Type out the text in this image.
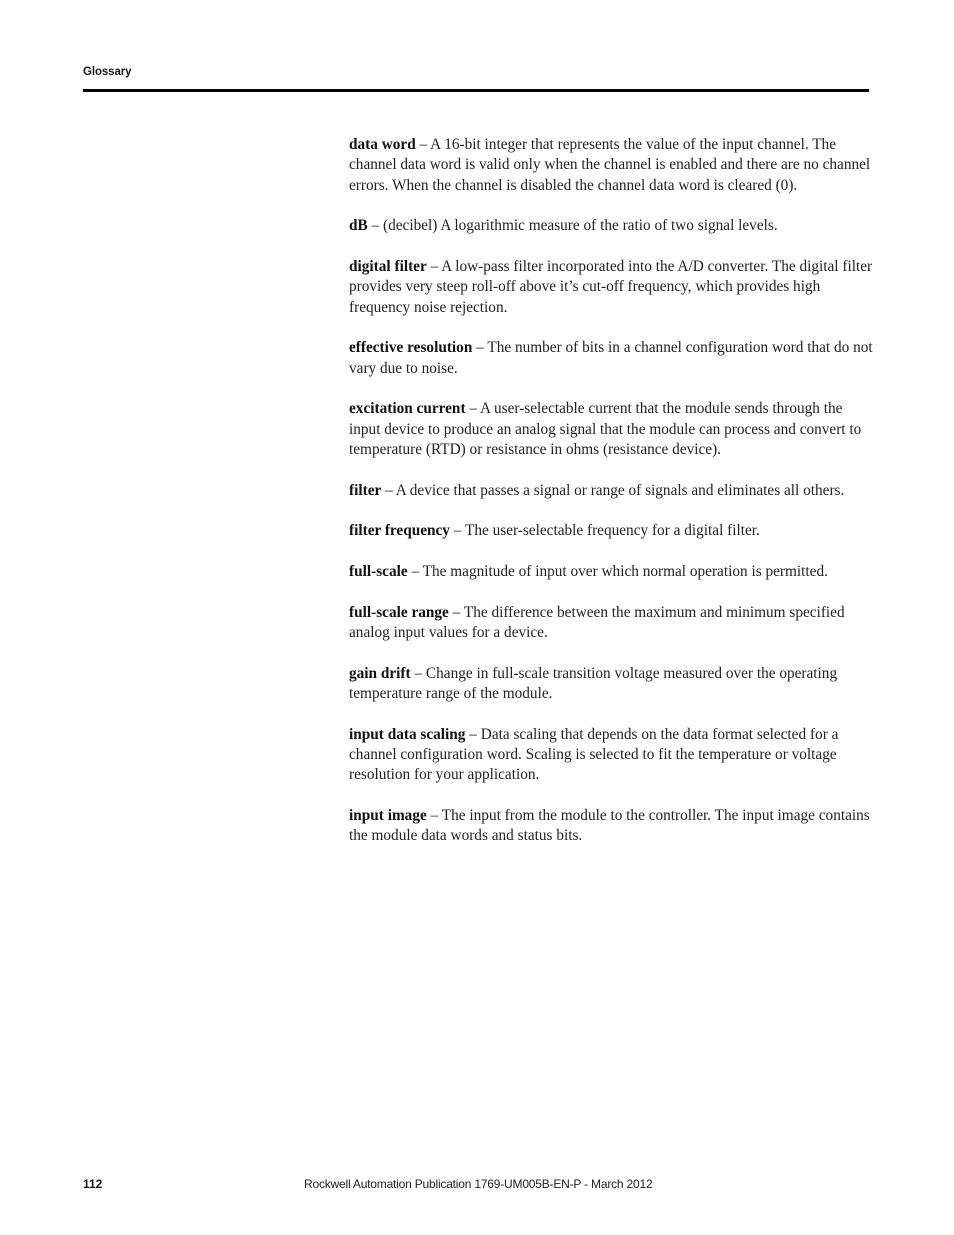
Glossary

data word – A 16-bit integer that represents the value of the input channel. The channel data word is valid only when the channel is enabled and there are no channel errors. When the channel is disabled the channel data word is cleared (0).

dB – (decibel) A logarithmic measure of the ratio of two signal levels.

digital filter – A low-pass filter incorporated into the A/D converter. The digital filter provides very steep roll-off above it’s cut-off frequency, which provides high frequency noise rejection.

effective resolution – The number of bits in a channel configuration word that do not vary due to noise.

excitation current – A user-selectable current that the module sends through the input device to produce an analog signal that the module can process and convert to temperature (RTD) or resistance in ohms (resistance device).

filter – A device that passes a signal or range of signals and eliminates all others.

filter frequency – The user-selectable frequency for a digital filter.

full-scale – The magnitude of input over which normal operation is permitted.

full-scale range – The difference between the maximum and minimum specified analog input values for a device.

gain drift – Change in full-scale transition voltage measured over the operating temperature range of the module.

input data scaling – Data scaling that depends on the data format selected for a channel configuration word. Scaling is selected to fit the temperature or voltage resolution for your application.

input image – The input from the module to the controller. The input image contains the module data words and status bits.

112	Rockwell Automation Publication 1769-UM005B-EN-P - March 2012
